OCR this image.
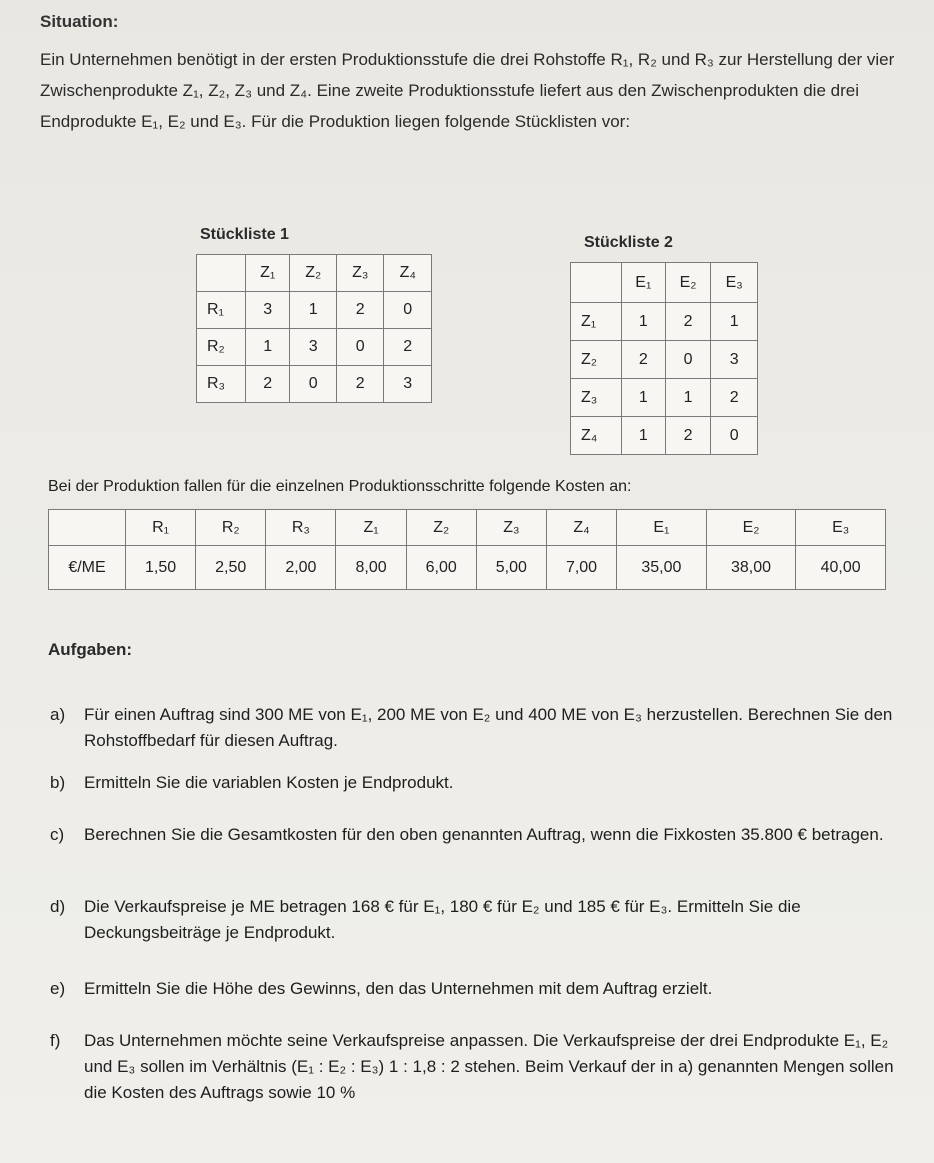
Situation:
Ein Unternehmen benötigt in der ersten Produktionsstufe die drei Rohstoffe R₁, R₂ und R₃ zur Herstellung der vier Zwischenprodukte Z₁, Z₂, Z₃ und Z₄. Eine zweite Produktionsstufe liefert aus den Zwischenprodukten die drei Endprodukte E₁, E₂ und E₃. Für die Produktion liegen folgende Stücklisten vor:
Stückliste 1
	Z₁	Z₂	Z₃	Z₄
R₁	3	1	2	0
R₂	1	3	0	2
R₃	2	0	2	3
Stückliste 2
	E₁	E₂	E₃
Z₁	1	2	1
Z₂	2	0	3
Z₃	1	1	2
Z₄	1	2	0
Bei der Produktion fallen für die einzelnen Produktionsschritte folgende Kosten an:
	R₁	R₂	R₃	Z₁	Z₂	Z₃	Z₄	E₁	E₂	E₃
€/ME	1,50	2,50	2,00	8,00	6,00	5,00	7,00	35,00	38,00	40,00
Aufgaben:
a) Für einen Auftrag sind 300 ME von E₁, 200 ME von E₂ und 400 ME von E₃ herzustellen. Berechnen Sie den Rohstoffbedarf für diesen Auftrag.
b) Ermitteln Sie die variablen Kosten je Endprodukt.
c) Berechnen Sie die Gesamtkosten für den oben genannten Auftrag, wenn die Fixkosten 35.800 € betragen.
d) Die Verkaufspreise je ME betragen 168 € für E₁, 180 € für E₂ und 185 € für E₃. Ermitteln Sie die Deckungsbeiträge je Endprodukt.
e) Ermitteln Sie die Höhe des Gewinns, den das Unternehmen mit dem Auftrag erzielt.
f) Das Unternehmen möchte seine Verkaufspreise anpassen. Die Verkaufspreise der drei Endprodukte E₁, E₂ und E₃ sollen im Verhältnis (E₁ : E₂ : E₃) 1 : 1,8 : 2 stehen. Beim Verkauf der in a) genannten Mengen sollen die Kosten des Auftrags sowie 10 %
